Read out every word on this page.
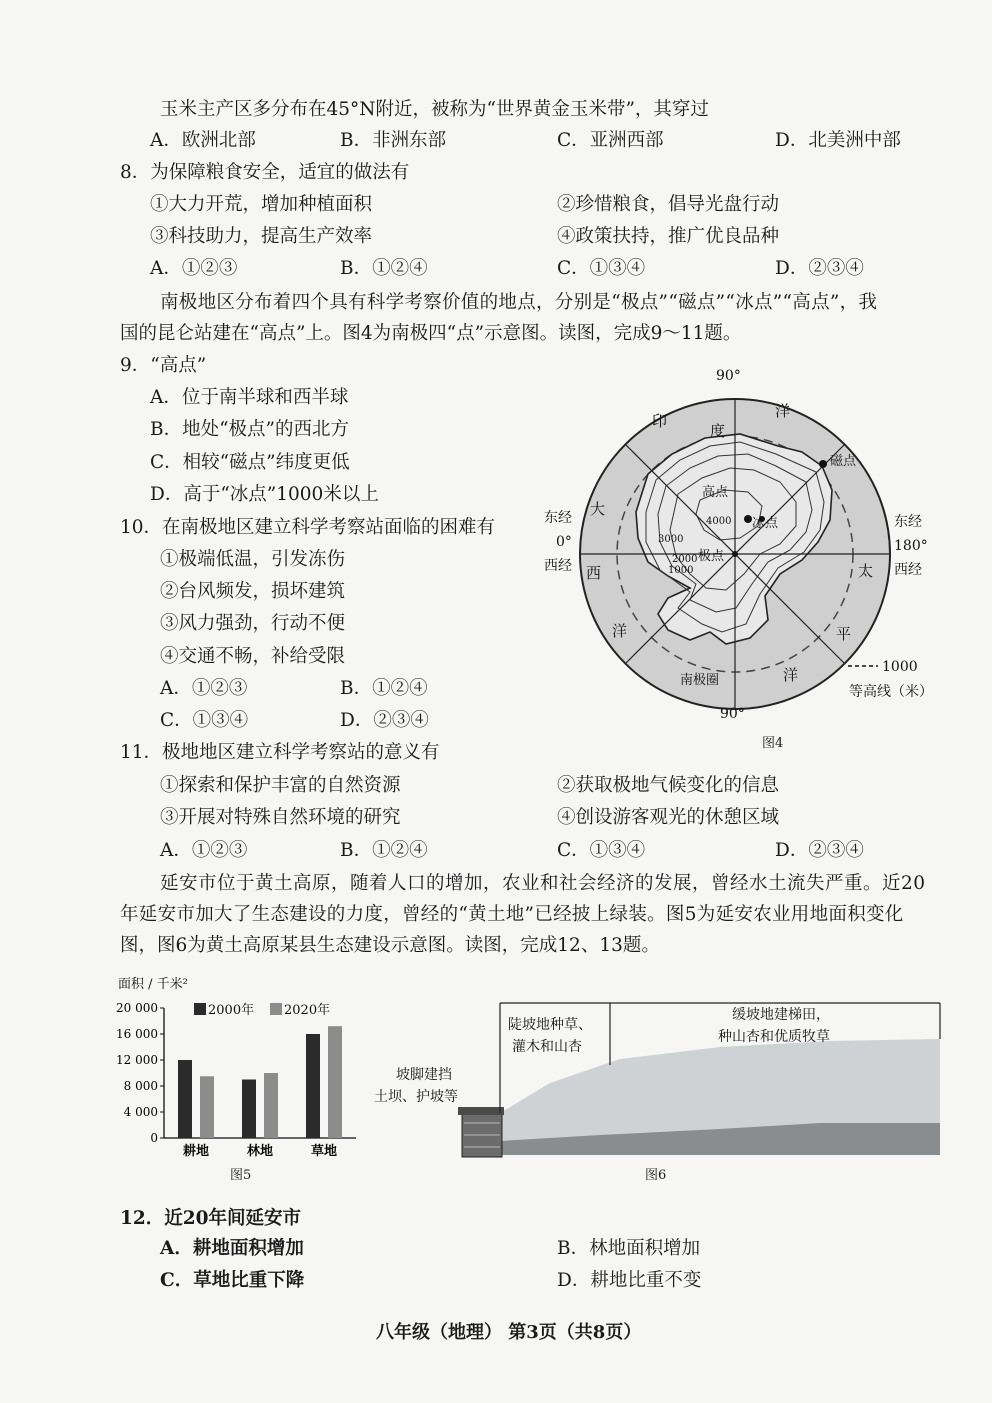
玉米主产区多分布在45°N附近，被称为“世界黄金玉米带”，其穿过
A．欧洲北部	B．非洲东部	C．亚洲西部	D．北美洲中部
8．为保障粮食安全，适宜的做法有
①大力开荒，增加种植面积	②珍惜粮食，倡导光盘行动
③科技助力，提高生产效率	④政策扶持，推广优良品种
A．①②③	B．①②④	C．①③④	D．②③④
南极地区分布着四个具有科学考察价值的地点，分别是“极点”“磁点”“冰点”“高点”，我
国的昆仑站建在“高点”上。图4为南极四“点”示意图。读图，完成9～11题。
9．“高点”
A．位于南半球和西半球
B．地处“极点”的西北方
C．相较“磁点”纬度更低
D．高于“冰点”1000米以上
10．在南极地区建立科学考察站面临的困难有
①极端低温，引发冻伤
②台风频发，损坏建筑
③风力强劲，行动不便
④交通不畅，补给受限
A．①②③	B．①②④
C．①③④	D．②③④
90°
90°
东经
0°
西经
东经
180°
西经
印
度
洋
大
西
洋
太
平
洋
高点
冰点
极点
磁点
南极圈
4000
3000
2000
1000
1000
等高线（米）
图4
11．极地地区建立科学考察站的意义有
①探索和保护丰富的自然资源	②获取极地气候变化的信息
③开展对特殊自然环境的研究	④创设游客观光的休憩区域
A．①②③	B．①②④	C．①③④	D．②③④
延安市位于黄土高原，随着人口的增加，农业和社会经济的发展，曾经水土流失严重。近20
年延安市加大了生态建设的力度，曾经的“黄土地”已经披上绿装。图5为延安农业用地面积变化
图，图6为黄土高原某县生态建设示意图。读图，完成12、13题。
面积 / 千米²
20 000
16 000
12 000
8 000
4 000
0
耕地	林地	草地
2000年 2020年
图5
坡脚建挡
土坝、护坡等
陡坡地种草、
灌木和山杏
缓坡地建梯田，
种山杏和优质牧草
图6
12．近20年间延安市
A．耕地面积增加	B．林地面积增加
C．草地比重下降	D．耕地比重不变
八年级（地理） 第3页（共8页）
